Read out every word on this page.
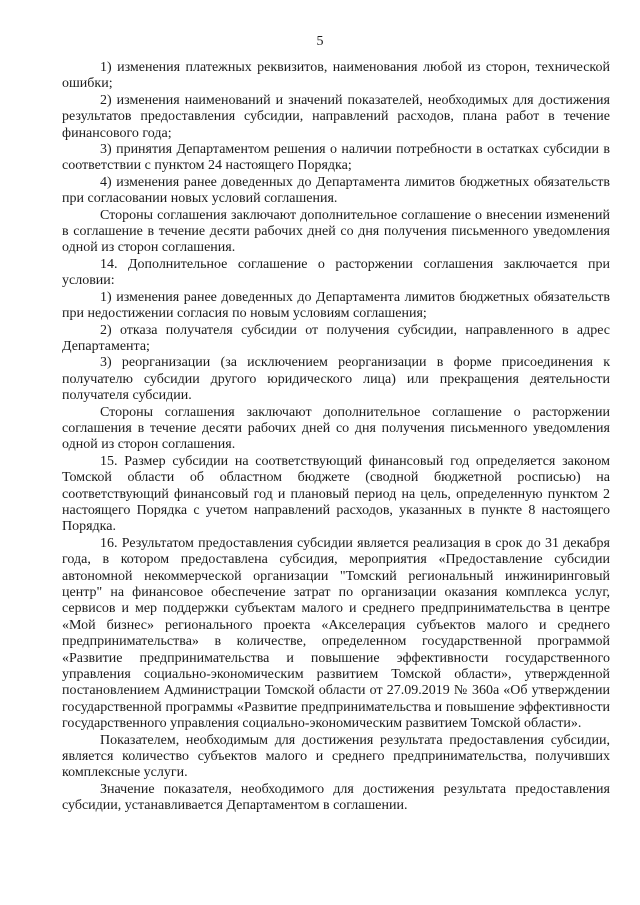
5

1) изменения платежных реквизитов, наименования любой из сторон, технической ошибки;

2) изменения наименований и значений показателей, необходимых для достижения результатов предоставления субсидии, направлений расходов, плана работ в течение финансового года;

3) принятия Департаментом решения о наличии потребности в остатках субсидии в соответствии с пунктом 24 настоящего Порядка;

4) изменения ранее доведенных до Департамента лимитов бюджетных обязательств при согласовании новых условий соглашения.

Стороны соглашения заключают дополнительное соглашение о внесении изменений в соглашение в течение десяти рабочих дней со дня получения письменного уведомления одной из сторон соглашения.

14. Дополнительное соглашение о расторжении соглашения заключается при условии:

1) изменения ранее доведенных до Департамента лимитов бюджетных обязательств при недостижении согласия по новым условиям соглашения;

2) отказа получателя субсидии от получения субсидии, направленного в адрес Департамента;

3) реорганизации (за исключением реорганизации в форме присоединения к получателю субсидии другого юридического лица) или прекращения деятельности получателя субсидии.

Стороны соглашения заключают дополнительное соглашение о расторжении соглашения в течение десяти рабочих дней со дня получения письменного уведомления одной из сторон соглашения.

15. Размер субсидии на соответствующий финансовый год определяется законом Томской области об областном бюджете (сводной бюджетной росписью) на соответствующий финансовый год и плановый период на цель, определенную пунктом 2 настоящего Порядка с учетом направлений расходов, указанных в пункте 8 настоящего Порядка.

16. Результатом предоставления субсидии является реализация в срок до 31 декабря года, в котором предоставлена субсидия, мероприятия «Предоставление субсидии автономной некоммерческой организации "Томский региональный инжиниринговый центр" на финансовое обеспечение затрат по организации оказания комплекса услуг, сервисов и мер поддержки субъектам малого и среднего предпринимательства в центре «Мой бизнес» регионального проекта «Акселерация субъектов малого и среднего предпринимательства» в количестве, определенном государственной программой «Развитие предпринимательства и повышение эффективности государственного управления социально-экономическим развитием Томской области», утвержденной постановлением Администрации Томской области от 27.09.2019 № 360а «Об утверждении государственной программы «Развитие предпринимательства и повышение эффективности государственного управления социально-экономическим развитием Томской области».

Показателем, необходимым для достижения результата предоставления субсидии, является количество субъектов малого и среднего предпринимательства, получивших комплексные услуги.

Значение показателя, необходимого для достижения результата предоставления субсидии, устанавливается Департаментом в соглашении.
